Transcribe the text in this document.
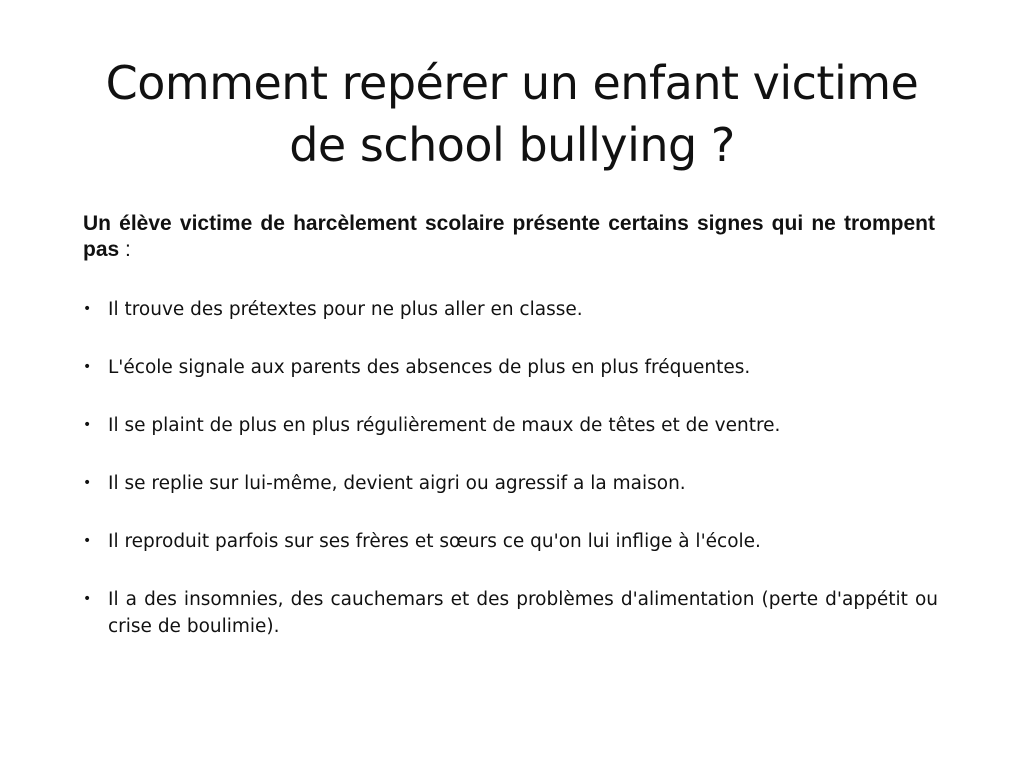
Comment repérer un enfant victime
de school bullying ?

Un élève victime de harcèlement scolaire présente certains signes qui ne trompent pas :

• Il trouve des prétextes pour ne plus aller en classe.
• L'école signale aux parents des absences de plus en plus fréquentes.
• Il se plaint de plus en plus régulièrement de maux de têtes et de ventre.
• Il se replie sur lui-même, devient aigri ou agressif a la maison.
• Il reproduit parfois sur ses frères et sœurs ce qu'on lui inflige à l'école.
• Il a des insomnies, des cauchemars et des problèmes d'alimentation (perte d'appétit ou crise de boulimie).
